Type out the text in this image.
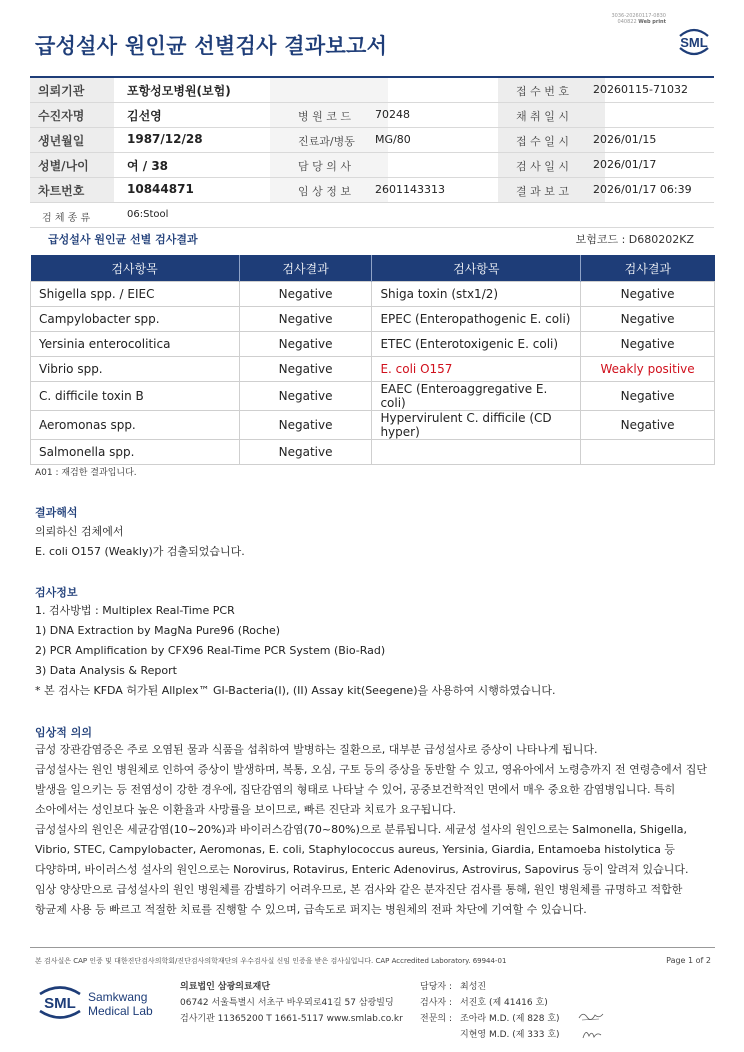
3036-20260117-0830
040822 Web print
급성설사 원인균 선별검사 결과보고서	SML
의뢰기관	포항성모병원(보험)	접 수 번 호 20260115-71032
수진자명	김선영	병 원 코 드 70248	채 취 일 시
생년월일	1987/12/28	진료과/병동 MG/80	접 수 일 시 2026/01/15
성별/나이	여 / 38	담 당 의 사	검 사 일 시 2026/01/17
차트번호	10844871	임 상 정 보 2601143313	결 과 보 고 2026/01/17 06:39
검 체 종 류	06:Stool
급성설사 원인균 선별 검사결과	보험코드 : D680202KZ
검사항목	검사결과	검사항목	검사결과
Shigella spp. / EIEC	Negative	Shiga toxin (stx1/2)	Negative
Campylobacter spp.	Negative	EPEC (Enteropathogenic E. coli)	Negative
Yersinia enterocolitica	Negative	ETEC (Enterotoxigenic E. coli)	Negative
Vibrio spp.	Negative	E. coli O157	Weakly positive
C. difficile toxin B	Negative	EAEC (Enteroaggregative E. coli)	Negative
Aeromonas spp.	Negative	Hypervirulent C. difficile (CD hyper)	Negative
Salmonella spp.	Negative		
A01 : 재검한 결과입니다.
결과해석
의뢰하신 검체에서
E. coli O157 (Weakly)가 검출되었습니다.
검사정보
1. 검사방법 : Multiplex Real-Time PCR
1) DNA Extraction by MagNa Pure96 (Roche)
2) PCR Amplification by CFX96 Real-Time PCR System (Bio-Rad)
3) Data Analysis & Report
* 본 검사는 KFDA 허가된 Allplex™ GI-Bacteria(I), (II) Assay kit(Seegene)을 사용하여 시행하였습니다.
임상적 의의
급성 장관감염증은 주로 오염된 물과 식품을 섭취하여 발병하는 질환으로, 대부분 급성설사로 증상이 나타나게 됩니다.
급성설사는 원인 병원체로 인하여 증상이 발생하며, 복통, 오심, 구토 등의 증상을 동반할 수 있고, 영유아에서 노령층까지 전 연령층에서 집단
발생을 일으키는 등 전염성이 강한 경우에, 집단감염의 형태로 나타날 수 있어, 공중보건학적인 면에서 매우 중요한 감염병입니다. 특히
소아에서는 성인보다 높은 이환율과 사망률을 보이므로, 빠른 진단과 치료가 요구됩니다.
급성설사의 원인은 세균감염(10~20%)과 바이러스감염(70~80%)으로 분류됩니다. 세균성 설사의 원인으로는 Salmonella, Shigella,
Vibrio, STEC, Campylobacter, Aeromonas, E. coli, Staphylococcus aureus, Yersinia, Giardia, Entamoeba histolytica 등
다양하며, 바이러스성 설사의 원인으로는 Norovirus, Rotavirus, Enteric Adenovirus, Astrovirus, Sapovirus 등이 알려져 있습니다.
임상 양상만으로 급성설사의 원인 병원체를 감별하기 어려우므로, 본 검사와 같은 분자진단 검사를 통해, 원인 병원체를 규명하고 적합한
항균제 사용 등 빠르고 적절한 치료를 진행할 수 있으며, 급속도로 퍼지는 병원체의 전파 차단에 기여할 수 있습니다.
본 검사실은 CAP 인증 및 대한진단검사의학회/진단검사의학재단의 우수검사실 신임 인증을 받은 검사실입니다. CAP Accredited Laboratory. 69944-01	Page 1 of 2
SML Samkwang
Medical Lab
의료법인 삼광의료재단
06742 서울특별시 서초구 바우뫼로41길 57 삼광빌딩
검사기관 11365200 T 1661-5117 www.smlab.co.kr
담당자 : 최성진
검사자 : 서진호 (제 41416 호)
전문의 : 조아라 M.D. (제 828 호)
지현영 M.D. (제 333 호)
